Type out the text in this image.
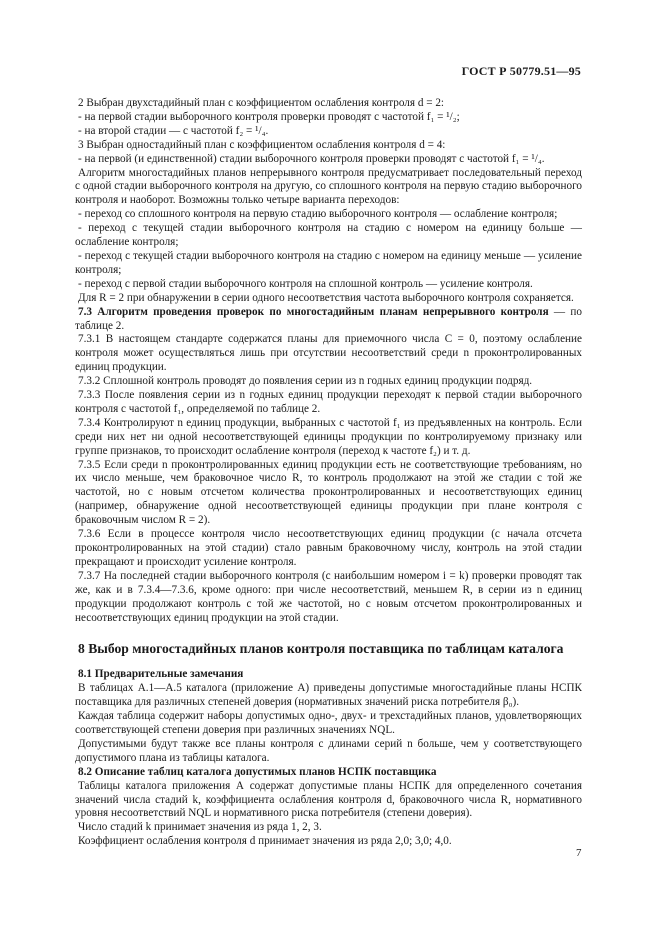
ГОСТ Р 50779.51—95

2 Выбран двухстадийный план с коэффициентом ослабления контроля d = 2:

- на первой стадии выборочного контроля проверки проводят с частотой f₁ = ¹/₂;

- на второй стадии — с частотой f₂ = ¹/₄.

3 Выбран одностадийный план с коэффициентом ослабления контроля d = 4:

- на первой (и единственной) стадии выборочного контроля проверки проводят с частотой f₁ = ¹/₄.

Алгоритм многостадийных планов непрерывного контроля предусматривает последовательный переход с одной стадии выборочного контроля на другую, со сплошного контроля на первую стадию выборочного контроля и наоборот. Возможны только четыре варианта переходов:

- переход со сплошного контроля на первую стадию выборочного контроля — ослабление контроля;

- переход с текущей стадии выборочного контроля на стадию с номером на единицу больше — ослабление контроля;

- переход с текущей стадии выборочного контроля на стадию с номером на единицу меньше — усиление контроля;

- переход с первой стадии выборочного контроля на сплошной контроль — усиление контроля.

Для R = 2 при обнаружении в серии одного несоответствия частота выборочного контроля сохраняется.

7.3 Алгоритм проведения проверок по многостадийным планам непрерывного контроля — по таблице 2.

7.3.1 В настоящем стандарте содержатся планы для приемочного числа C = 0, поэтому ослабление контроля может осуществляться лишь при отсутствии несоответствий среди n проконтролированных единиц продукции.

7.3.2 Сплошной контроль проводят до появления серии из n годных единиц продукции подряд.

7.3.3 После появления серии из n годных единиц продукции переходят к первой стадии выборочного контроля с частотой f₁, определяемой по таблице 2.

7.3.4 Контролируют n единиц продукции, выбранных с частотой f₁ из предъявленных на контроль. Если среди них нет ни одной несоответствующей единицы продукции по контролируемому признаку или группе признаков, то происходит ослабление контроля (переход к частоте f₂) и т. д.

7.3.5 Если среди n проконтролированных единиц продукции есть не соответствующие требованиям, но их число меньше, чем браковочное число R, то контроль продолжают на этой же стадии с той же частотой, но с новым отсчетом количества проконтролированных и несоответствующих единиц (например, обнаружение одной несоответствующей единицы продукции при плане контроля с браковочным числом R = 2).

7.3.6 Если в процессе контроля число несоответствующих единиц продукции (с начала отсчета проконтролированных на этой стадии) стало равным браковочному числу, контроль на этой стадии прекращают и происходит усиление контроля.

7.3.7 На последней стадии выборочного контроля (с наибольшим номером i = k) проверки проводят так же, как и в 7.3.4—7.3.6, кроме одного: при числе несоответствий, меньшем R, в серии из n единиц продукции продолжают контроль с той же частотой, но с новым отсчетом проконтролированных и несоответствующих единиц продукции на этой стадии.

8 Выбор многостадийных планов контроля поставщика по таблицам каталога

8.1 Предварительные замечания

В таблицах А.1—А.5 каталога (приложение А) приведены допустимые многостадийные планы НСПК поставщика для различных степеней доверия (нормативных значений риска потребителя β₀).

Каждая таблица содержит наборы допустимых одно-, двух- и трехстадийных планов, удовлетворяющих соответствующей степени доверия при различных значениях NQL.

Допустимыми будут также все планы контроля с длинами серий n больше, чем у соответствующего допустимого плана из таблицы каталога.

8.2 Описание таблиц каталога допустимых планов НСПК поставщика

Таблицы каталога приложения А содержат допустимые планы НСПК для определенного сочетания значений числа стадий k, коэффициента ослабления контроля d, браковочного числа R, нормативного уровня несоответствий NQL и нормативного риска потребителя (степени доверия).

Число стадий k принимает значения из ряда 1, 2, 3.

Коэффициент ослабления контроля d принимает значения из ряда 2,0; 3,0; 4,0.

7
